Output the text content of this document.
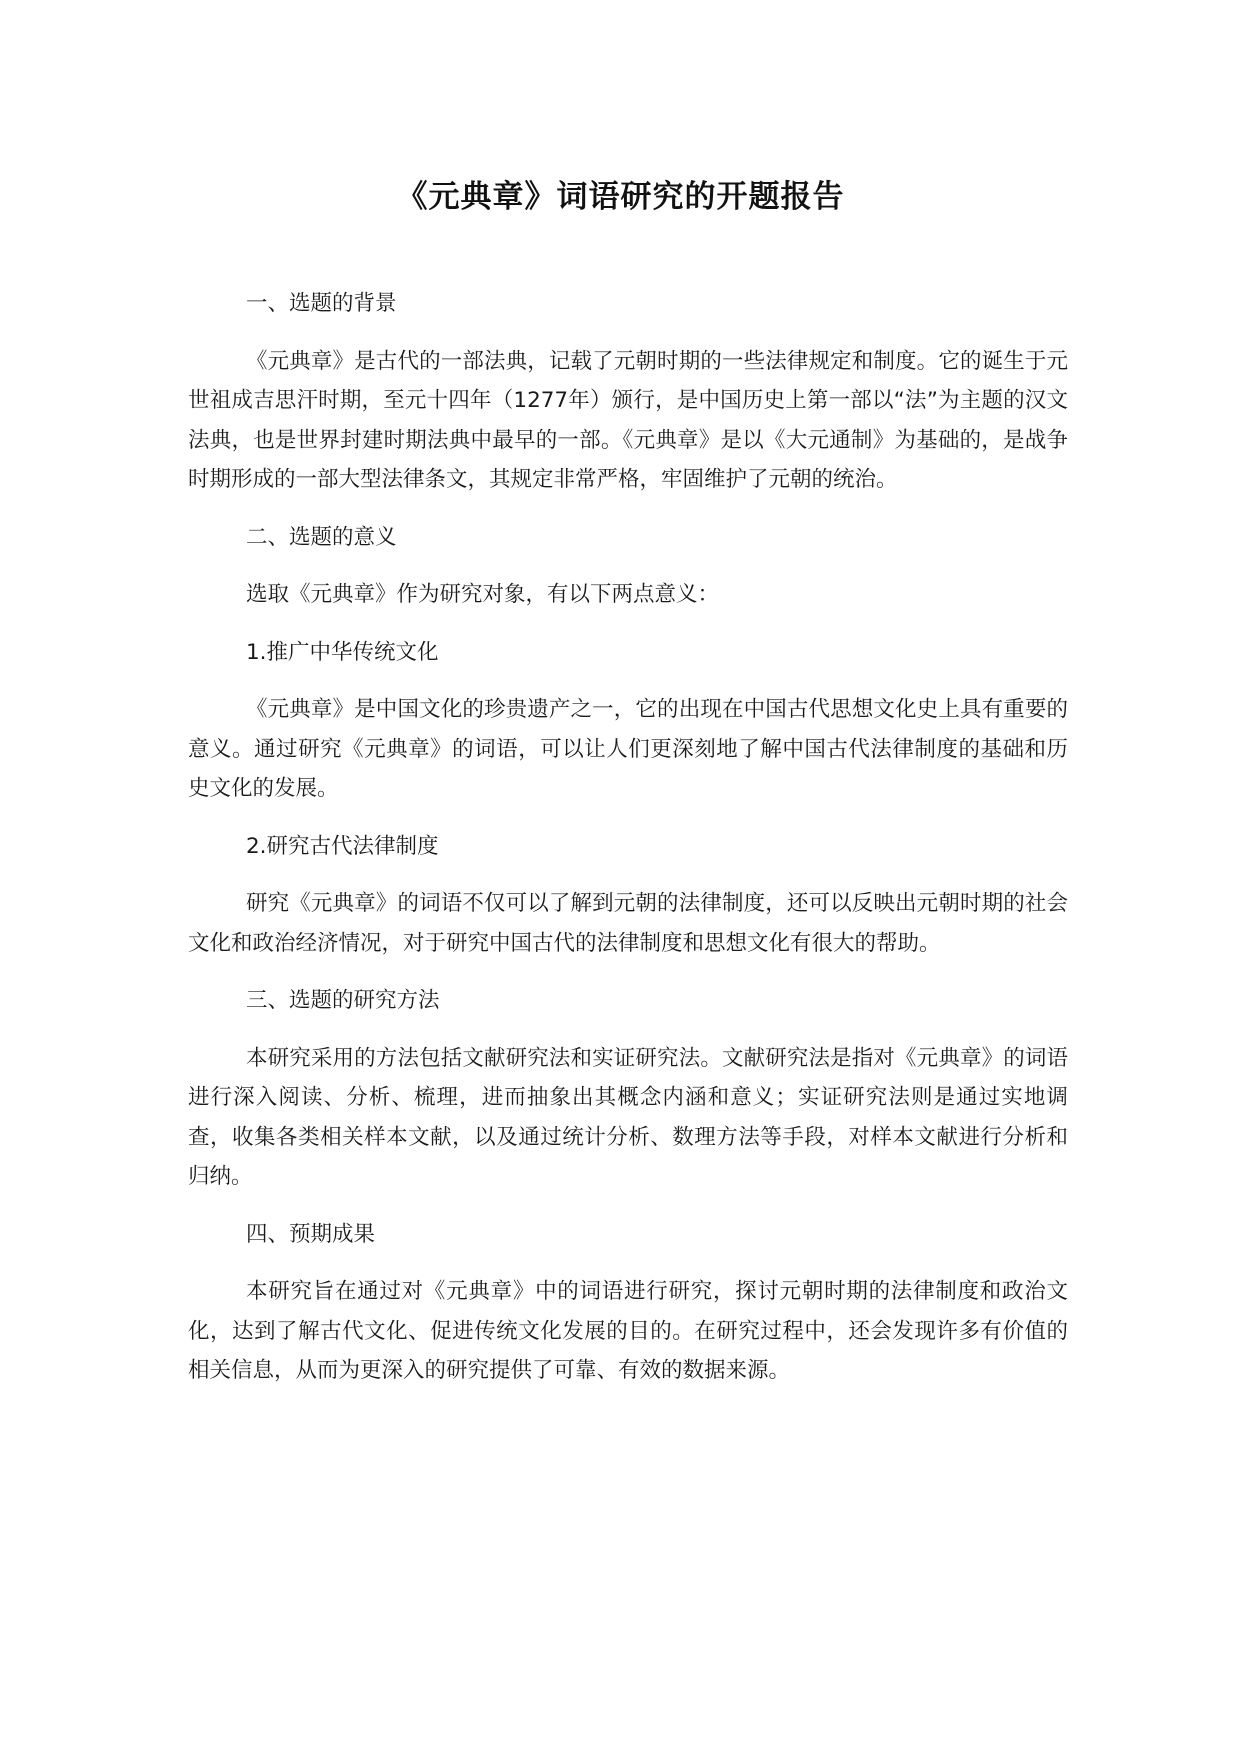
《元典章》词语研究的开题报告

一、选题的背景

《元典章》是古代的一部法典，记载了元朝时期的一些法律规定和制度。它的诞生于元世祖成吉思汗时期，至元十四年（1277年）颁行，是中国历史上第一部以“法”为主题的汉文法典，也是世界封建时期法典中最早的一部。《元典章》是以《大元通制》为基础的，是战争时期形成的一部大型法律条文，其规定非常严格，牢固维护了元朝的统治。

二、选题的意义

选取《元典章》作为研究对象，有以下两点意义：

1.推广中华传统文化

《元典章》是中国文化的珍贵遗产之一，它的出现在中国古代思想文化史上具有重要的意义。通过研究《元典章》的词语，可以让人们更深刻地了解中国古代法律制度的基础和历史文化的发展。

2.研究古代法律制度

研究《元典章》的词语不仅可以了解到元朝的法律制度，还可以反映出元朝时期的社会文化和政治经济情况，对于研究中国古代的法律制度和思想文化有很大的帮助。

三、选题的研究方法

本研究采用的方法包括文献研究法和实证研究法。文献研究法是指对《元典章》的词语进行深入阅读、分析、梳理，进而抽象出其概念内涵和意义；实证研究法则是通过实地调查，收集各类相关样本文献，以及通过统计分析、数理方法等手段，对样本文献进行分析和归纳。

四、预期成果

本研究旨在通过对《元典章》中的词语进行研究，探讨元朝时期的法律制度和政治文化，达到了解古代文化、促进传统文化发展的目的。在研究过程中，还会发现许多有价值的相关信息，从而为更深入的研究提供了可靠、有效的数据来源。
